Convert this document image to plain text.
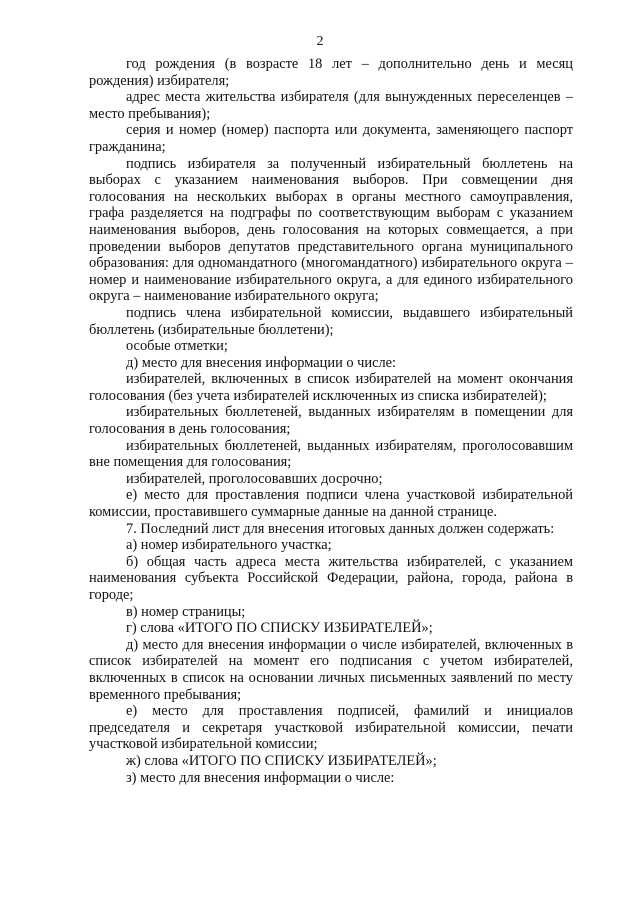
2

год рождения (в возрасте 18 лет – дополнительно день и месяц рождения) избирателя;

адрес места жительства избирателя (для вынужденных переселенцев – место пребывания);

серия и номер (номер) паспорта или документа, заменяющего паспорт гражданина;

подпись избирателя за полученный избирательный бюллетень на выборах с указанием наименования выборов. При совмещении дня голосования на нескольких выборах в органы местного самоуправления, графа разделяется на подграфы по соответствующим выборам с указанием наименования выборов, день голосования на которых совмещается, а при проведении выборов депутатов представительного органа муниципального образования: для одномандатного (многомандатного) избирательного округа – номер и наименование избирательного округа, а для единого избирательного округа – наименование избирательного округа;

подпись члена избирательной комиссии, выдавшего избирательный бюллетень (избирательные бюллетени);

особые отметки;

д) место для внесения информации о числе:

избирателей, включенных в список избирателей на момент окончания голосования (без учета избирателей исключенных из списка избирателей);

избирательных бюллетеней, выданных избирателям в помещении для голосования в день голосования;

избирательных бюллетеней, выданных избирателям, проголосовавшим вне помещения для голосования;

избирателей, проголосовавших досрочно;

е) место для проставления подписи члена участковой избирательной комиссии, проставившего суммарные данные на данной странице.

7. Последний лист для внесения итоговых данных должен содержать:

а) номер избирательного участка;

б) общая часть адреса места жительства избирателей, с указанием наименования субъекта Российской Федерации, района, города, района в городе;

в) номер страницы;

г) слова «ИТОГО ПО СПИСКУ ИЗБИРАТЕЛЕЙ»;

д) место для внесения информации о числе избирателей, включенных в список избирателей на момент его подписания с учетом избирателей, включенных в список на основании личных письменных заявлений по месту временного пребывания;

е) место для проставления подписей, фамилий и инициалов председателя и секретаря участковой избирательной комиссии, печати участковой избирательной комиссии;

ж) слова «ИТОГО ПО СПИСКУ ИЗБИРАТЕЛЕЙ»;

з) место для внесения информации о числе:
